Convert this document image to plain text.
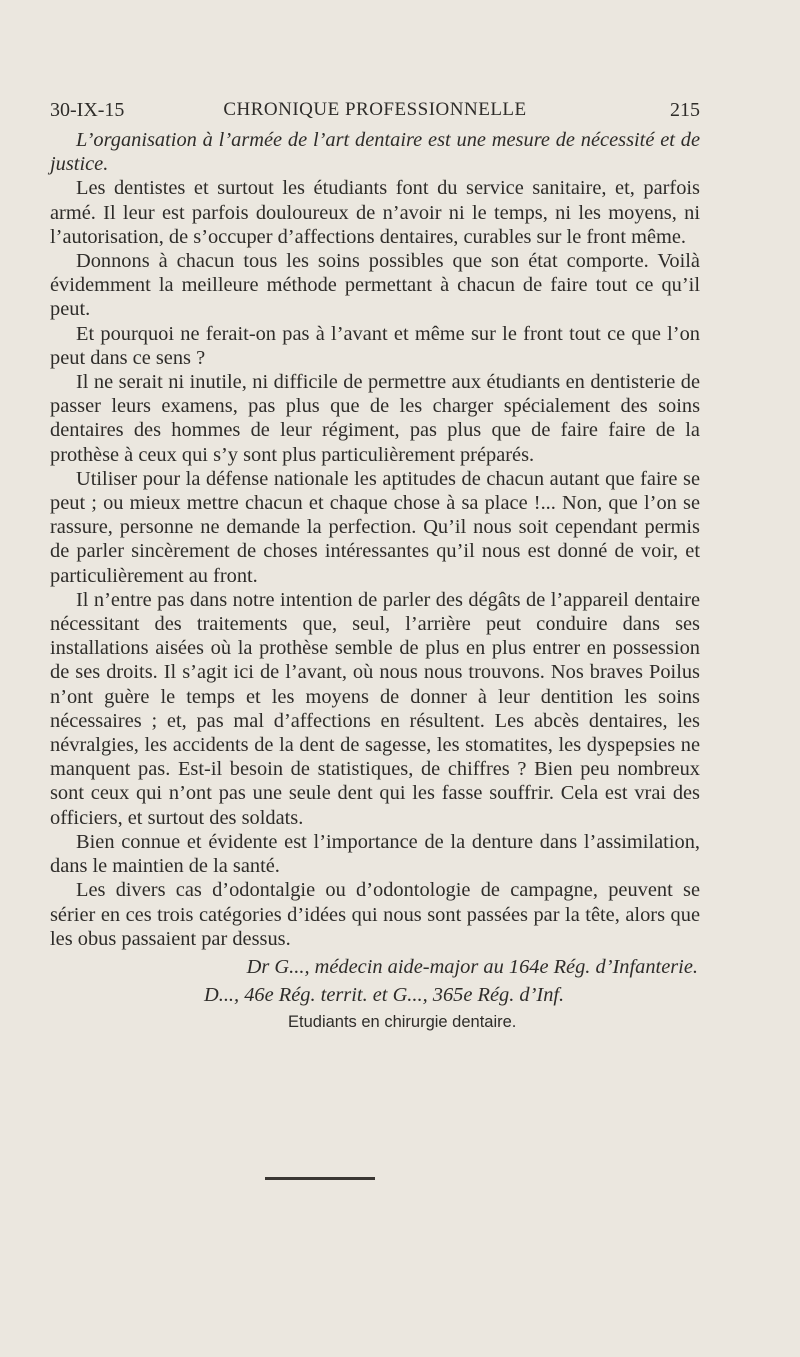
30-IX-15	CHRONIQUE PROFESSIONNELLE	215

L’organisation à l’armée de l’art dentaire est une mesure de nécessité et de justice.

Les dentistes et surtout les étudiants font du service sanitaire, et, parfois armé. Il leur est parfois douloureux de n’avoir ni le temps, ni les moyens, ni l’autorisation, de s’occuper d’affections dentaires, curables sur le front même.

Donnons à chacun tous les soins possibles que son état comporte. Voilà évidemment la meilleure méthode permettant à chacun de faire tout ce qu’il peut.

Et pourquoi ne ferait-on pas à l’avant et même sur le front tout ce que l’on peut dans ce sens ?

Il ne serait ni inutile, ni difficile de permettre aux étudiants en dentisterie de passer leurs examens, pas plus que de les charger spécialement des soins dentaires des hommes de leur régiment, pas plus que de faire faire de la prothèse à ceux qui s’y sont plus particulièrement préparés.

Utiliser pour la défense nationale les aptitudes de chacun autant que faire se peut ; ou mieux mettre chacun et chaque chose à sa place !... Non, que l’on se rassure, personne ne demande la perfection. Qu’il nous soit cependant permis de parler sincèrement de choses intéressantes qu’il nous est donné de voir, et particulièrement au front.

Il n’entre pas dans notre intention de parler des dégâts de l’appareil dentaire nécessitant des traitements que, seul, l’arrière peut conduire dans ses installations aisées où la prothèse semble de plus en plus entrer en possession de ses droits. Il s’agit ici de l’avant, où nous nous trouvons. Nos braves Poilus n’ont guère le temps et les moyens de donner à leur dentition les soins nécessaires ; et, pas mal d’affections en résultent. Les abcès dentaires, les névralgies, les accidents de la dent de sagesse, les stomatites, les dyspepsies ne manquent pas. Est-il besoin de statistiques, de chiffres ? Bien peu nombreux sont ceux qui n’ont pas une seule dent qui les fasse souffrir. Cela est vrai des officiers, et surtout des soldats.

Bien connue et évidente est l’importance de la denture dans l’assimilation, dans le maintien de la santé.

Les divers cas d’odontalgie ou d’odontologie de campagne, peuvent se sérier en ces trois catégories d’idées qui nous sont passées par la tête, alors que les obus passaient par dessus.

Dr G..., médecin aide-major au 164e Rég. d’Infanterie.
D..., 46e Rég. territ. et G..., 365e Rég. d’Inf.
Etudiants en chirurgie dentaire.
